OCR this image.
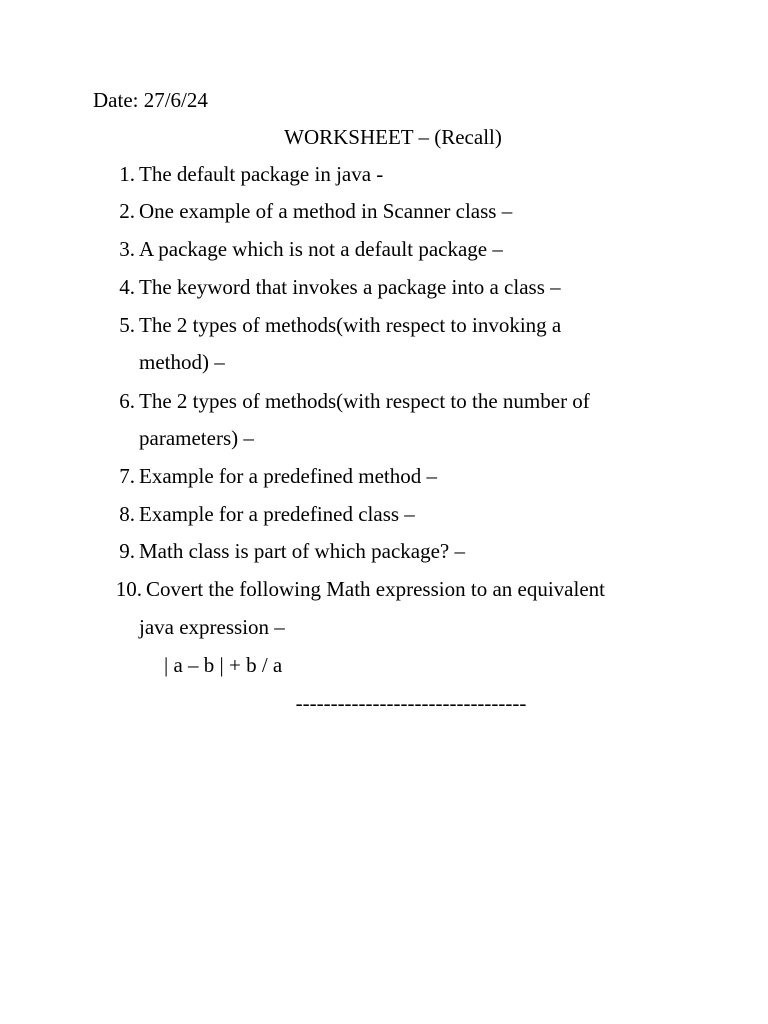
Date: 27/6/24
WORKSHEET – (Recall)
1. The default package in java -
2. One example of a method in Scanner class –
3. A package which is not a default package –
4. The keyword that invokes a package into a class –
5. The 2 types of methods(with respect to invoking a
method) –
6. The 2 types of methods(with respect to the number of
parameters) –
7. Example for a predefined method –
8. Example for a predefined class –
9. Math class is part of which package? –
10. Covert the following Math expression to an equivalent
java expression –
| a – b | + b / a
---------------------------------
